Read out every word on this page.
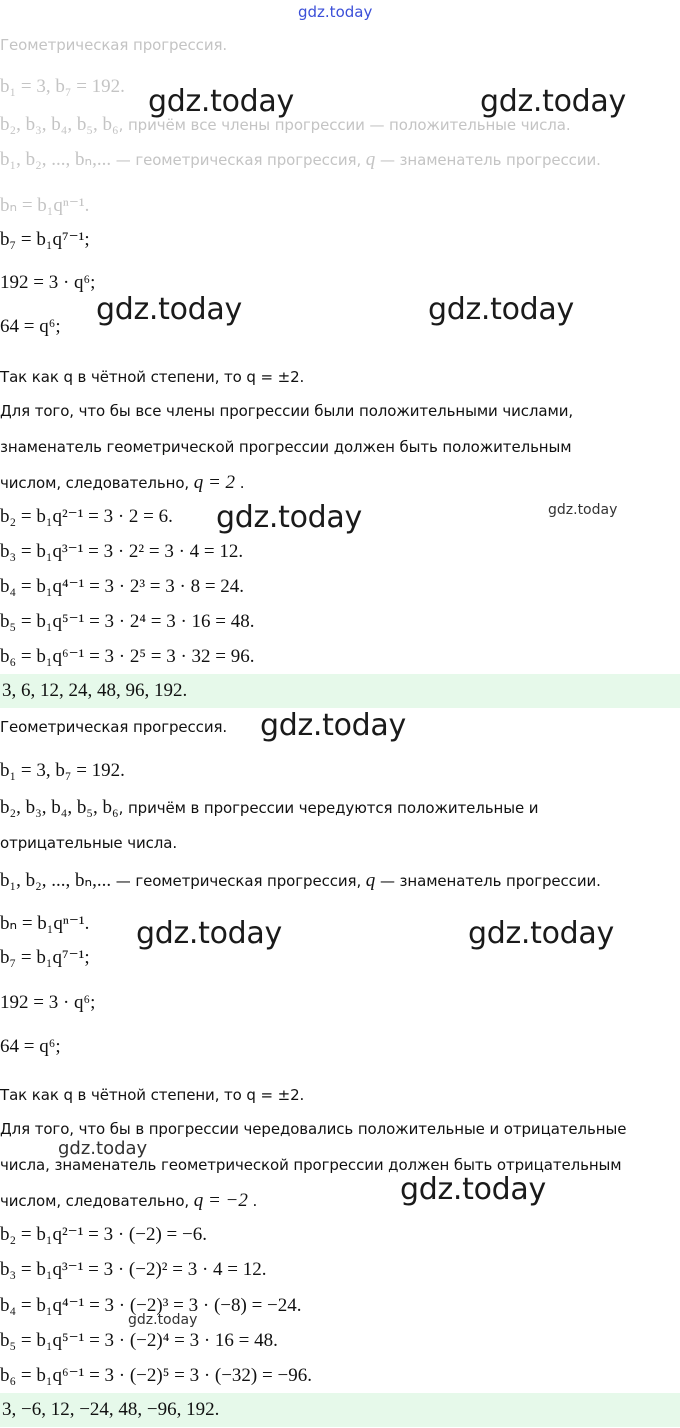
Геометрическая прогрессия.
b₁ = 3, b₇ = 192.
b₂, b₃, b₄, b₅, b₆, причём все члены прогрессии — положительные числа.
b₁, b₂, ..., bₙ,... — геометрическая прогрессия, q — знаменатель прогрессии.
bₙ = b₁qⁿ⁻¹.
b₇ = b₁q⁷⁻¹;
192 = 3 · q⁶;
64 = q⁶;
Так как q в чётной степени, то q = ±2.
Для того, что бы все члены прогрессии были положительными числами,
знаменатель геометрической прогрессии должен быть положительным
числом, следовательно, q = 2 .
b₂ = b₁q²⁻¹ = 3 · 2 = 6.
b₃ = b₁q³⁻¹ = 3 · 2² = 3 · 4 = 12.
b₄ = b₁q⁴⁻¹ = 3 · 2³ = 3 · 8 = 24.
b₅ = b₁q⁵⁻¹ = 3 · 2⁴ = 3 · 16 = 48.
b₆ = b₁q⁶⁻¹ = 3 · 2⁵ = 3 · 32 = 96.
3, 6, 12, 24, 48, 96, 192.
Геометрическая прогрессия.
b₁ = 3, b₇ = 192.
b₂, b₃, b₄, b₅, b₆, причём в прогрессии чередуются положительные и
отрицательные числа.
b₁, b₂, ..., bₙ,... — геометрическая прогрессия, q — знаменатель прогрессии.
bₙ = b₁qⁿ⁻¹.
b₇ = b₁q⁷⁻¹;
192 = 3 · q⁶;
64 = q⁶;
Так как q в чётной степени, то q = ±2.
Для того, что бы в прогрессии чередовались положительные и отрицательные
числа, знаменатель геометрической прогрессии должен быть отрицательным
числом, следовательно, q = −2 .
b₂ = b₁q²⁻¹ = 3 · (−2) = −6.
b₃ = b₁q³⁻¹ = 3 · (−2)² = 3 · 4 = 12.
b₄ = b₁q⁴⁻¹ = 3 · (−2)³ = 3 · (−8) = −24.
b₅ = b₁q⁵⁻¹ = 3 · (−2)⁴ = 3 · 16 = 48.
b₆ = b₁q⁶⁻¹ = 3 · (−2)⁵ = 3 · (−32) = −96.
3, −6, 12, −24, 48, −96, 192.
gdz.today
gdz.today	gdz.today
gdz.today	gdz.today
gdz.today	gdz.today
gdz.today
gdz.today	gdz.today
gdz.today
gdz.today
gdz.today
